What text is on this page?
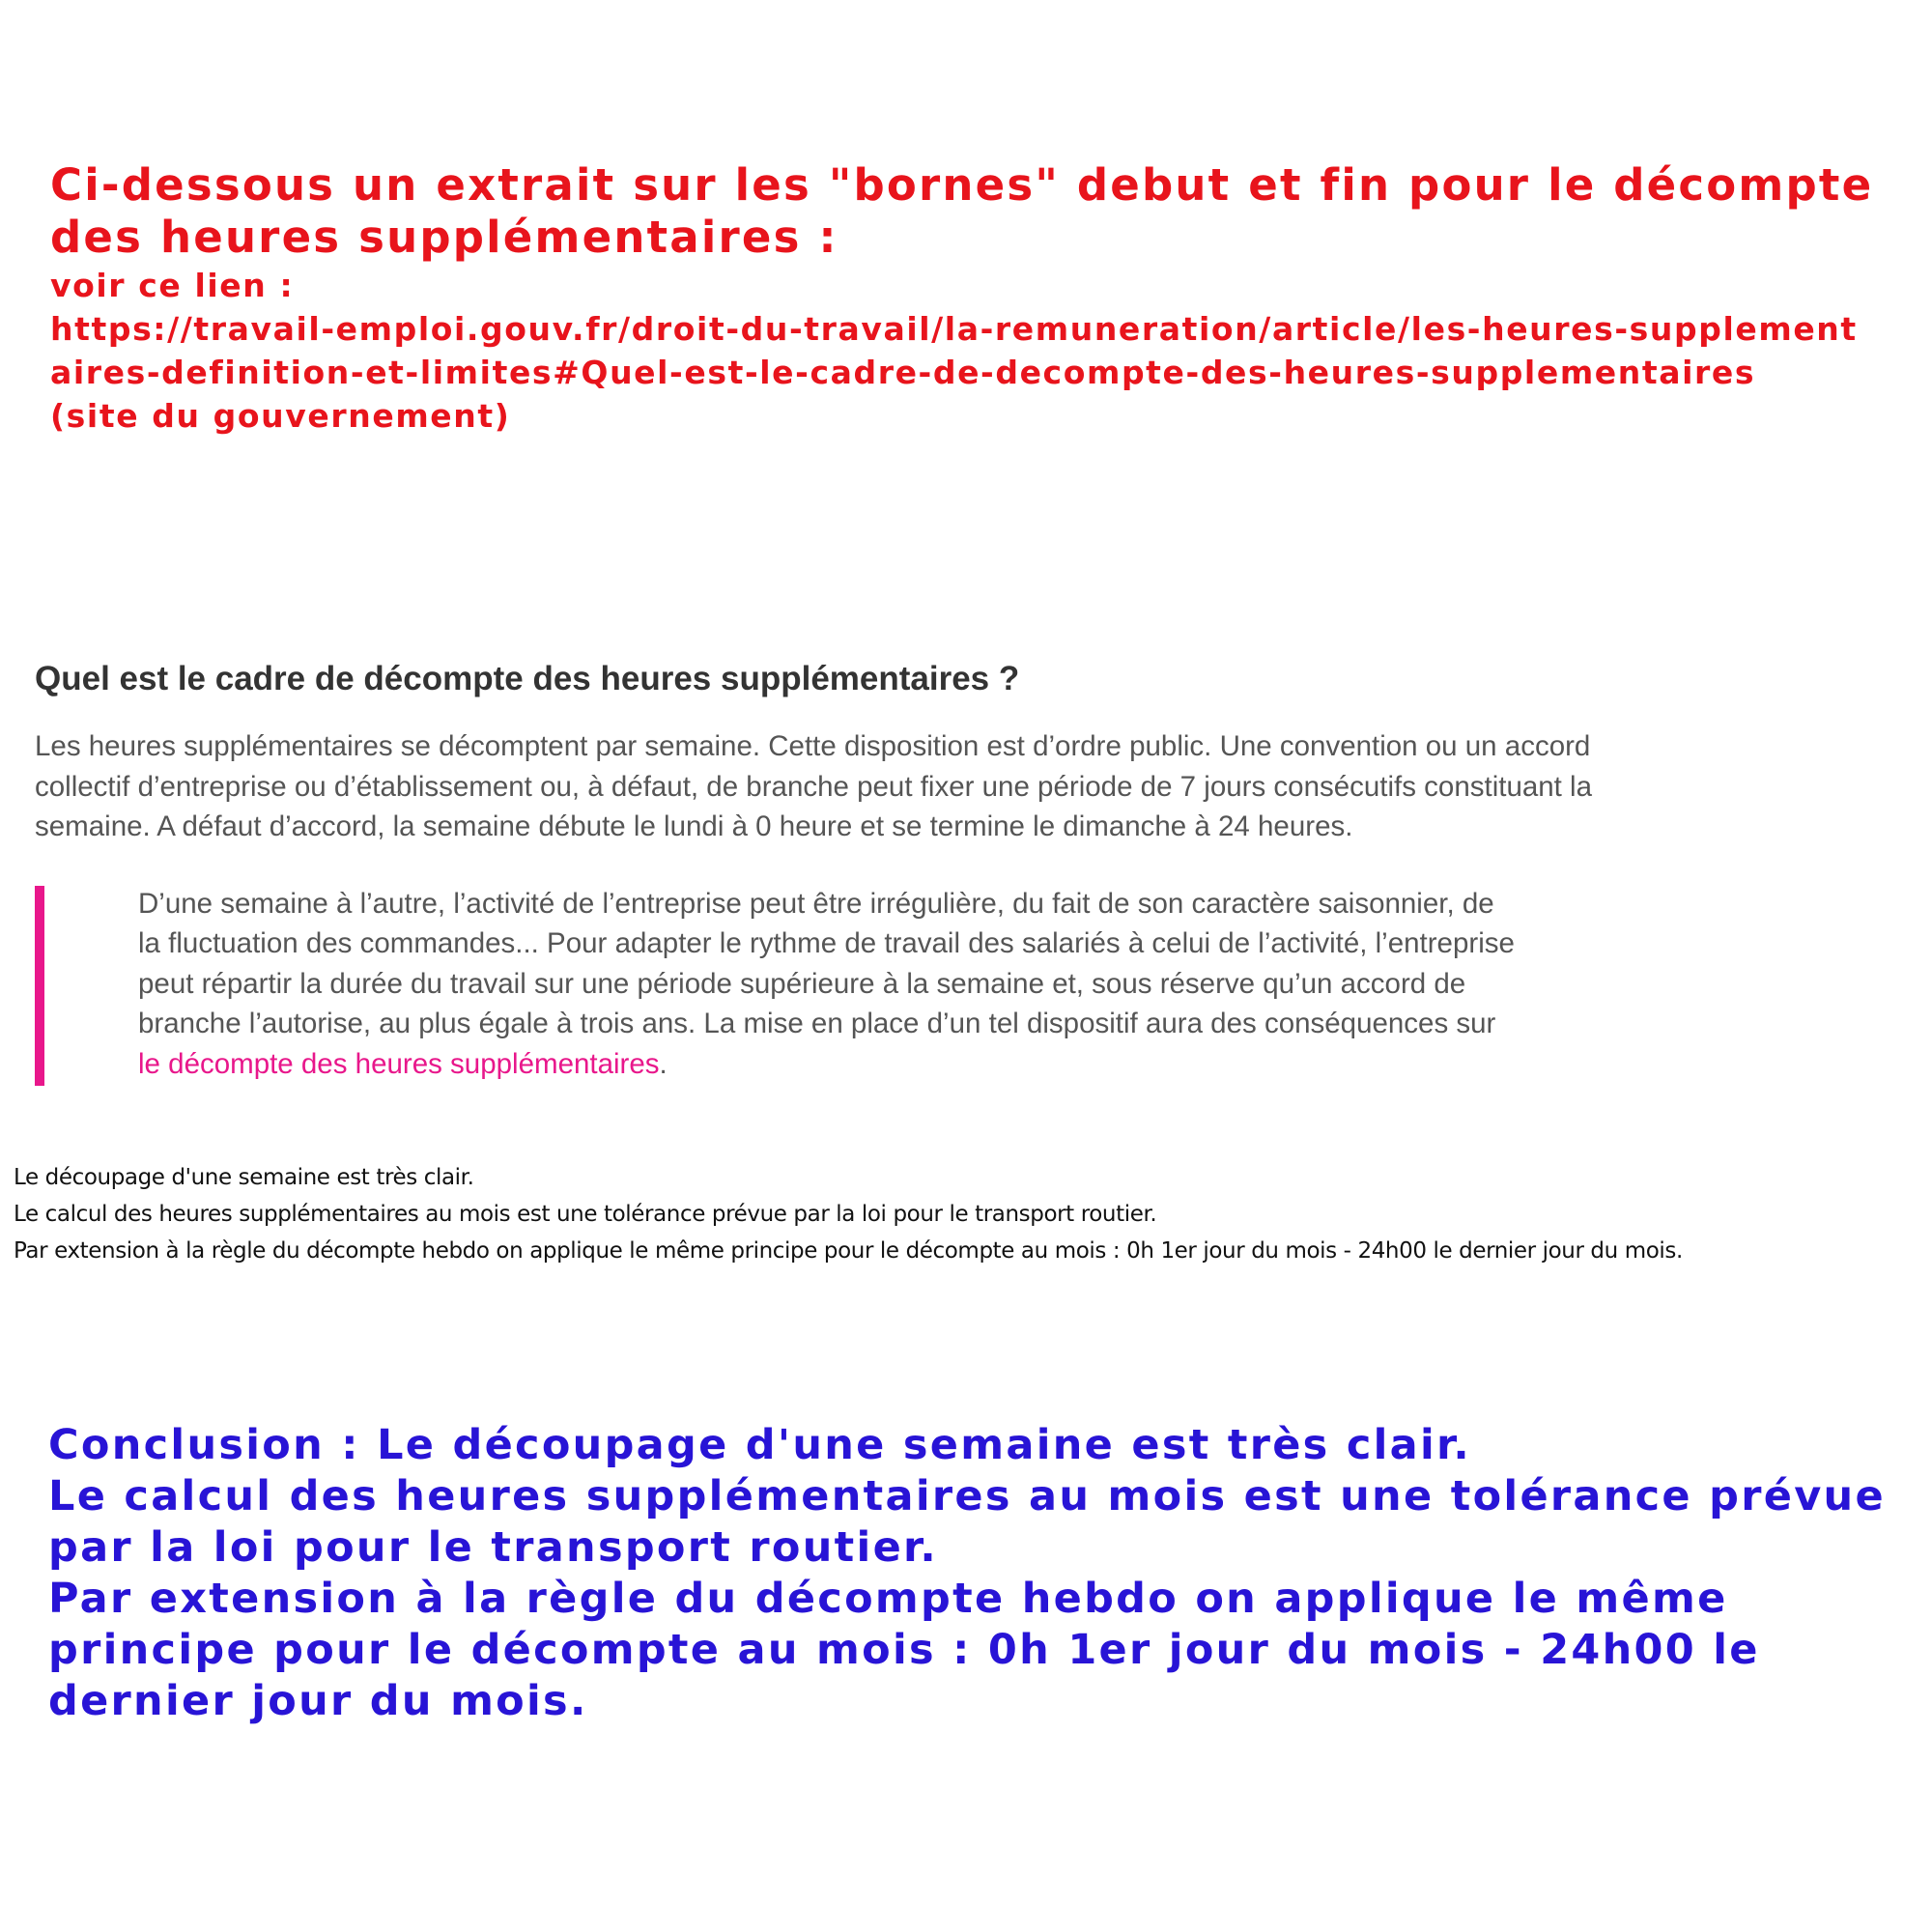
Ci-dessous un extrait sur les "bornes" debut et fin pour le décompte des heures supplémentaires :

voir ce lien :

https://travail-emploi.gouv.fr/droit-du-travail/la-remuneration/article/les-heures-supplementaires-definition-et-limites#Quel-est-le-cadre-de-decompte-des-heures-supplementaires

(site du gouvernement)

Quel est le cadre de décompte des heures supplémentaires ?

Les heures supplémentaires se décomptent par semaine. Cette disposition est d’ordre public. Une convention ou un accord collectif d’entreprise ou d’établissement ou, à défaut, de branche peut fixer une période de 7 jours consécutifs constituant la semaine. A défaut d’accord, la semaine débute le lundi à 0 heure et se termine le dimanche à 24 heures.

D’une semaine à l’autre, l’activité de l’entreprise peut être irrégulière, du fait de son caractère saisonnier, de la fluctuation des commandes... Pour adapter le rythme de travail des salariés à celui de l’activité, l’entreprise peut répartir la durée du travail sur une période supérieure à la semaine et, sous réserve qu’un accord de branche l’autorise, au plus égale à trois ans. La mise en place d’un tel dispositif aura des conséquences sur le décompte des heures supplémentaires.

Le découpage d'une semaine est très clair.

Le calcul des heures supplémentaires au mois est une tolérance prévue par la loi pour le transport routier.

Par extension à la règle du décompte hebdo on applique le même principe pour le décompte au mois : 0h 1er jour du mois - 24h00 le dernier jour du mois.

Conclusion : Le découpage d'une semaine est très clair.

Le calcul des heures supplémentaires au mois est une tolérance prévue par la loi pour le transport routier.

Par extension à la règle du décompte hebdo on applique le même principe pour le décompte au mois : 0h 1er jour du mois - 24h00 le dernier jour du mois.
